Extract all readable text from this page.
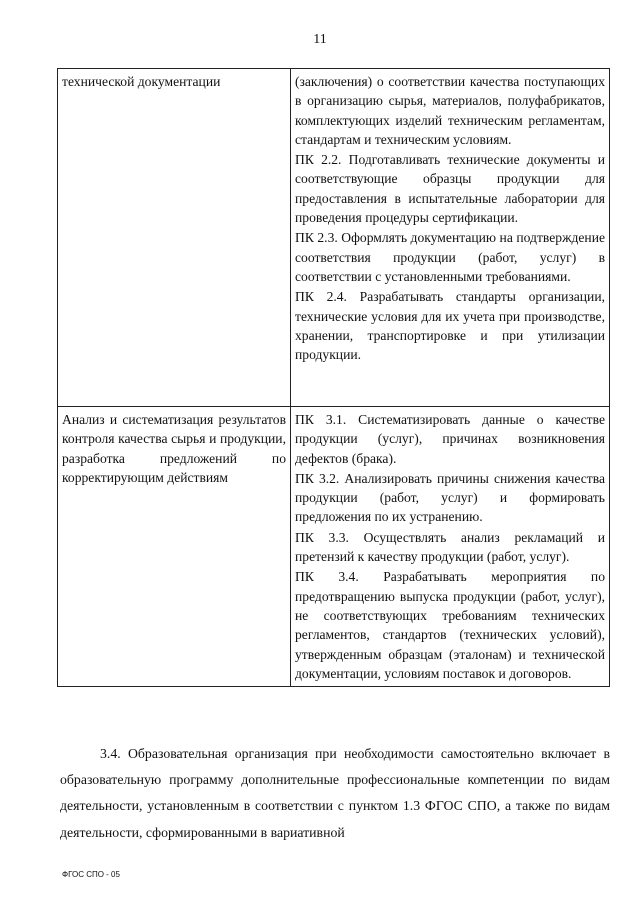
11
технической документации	(заключения) о соответствии качества поступающих в организацию сырья, материалов, полуфабрикатов, комплектующих изделий техническим регламентам, стандартам и техническим условиям.
ПК 2.2. Подготавливать технические документы и соответствующие образцы продукции для предоставления в испытательные лаборатории для проведения процедуры сертификации.
ПК 2.3. Оформлять документацию на подтверждение соответствия продукции (работ, услуг) в соответствии с установленными требованиями.
ПК 2.4. Разрабатывать стандарты организации, технические условия для их учета при производстве, хранении, транспортировке и при утилизации продукции.

Анализ и систематизация результатов контроля качества сырья и продукции, разработка предложений по корректирующим действиям	ПК 3.1. Систематизировать данные о качестве продукции (услуг), причинах возникновения дефектов (брака).
ПК 3.2. Анализировать причины снижения качества продукции (работ, услуг) и формировать предложения по их устранению.
ПК 3.3. Осуществлять анализ рекламаций и претензий к качеству продукции (работ, услуг).
ПК 3.4. Разрабатывать мероприятия по предотвращению выпуска продукции (работ, услуг), не соответствующих требованиям технических регламентов, стандартов (технических условий), утвержденным образцам (эталонам) и технической документации, условиям поставок и договоров.

3.4. Образовательная организация при необходимости самостоятельно включает в образовательную программу дополнительные профессиональные компетенции по видам деятельности, установленным в соответствии с пунктом 1.3 ФГОС СПО, а также по видам деятельности, сформированными в вариативной

ФГОС СПО - 05
